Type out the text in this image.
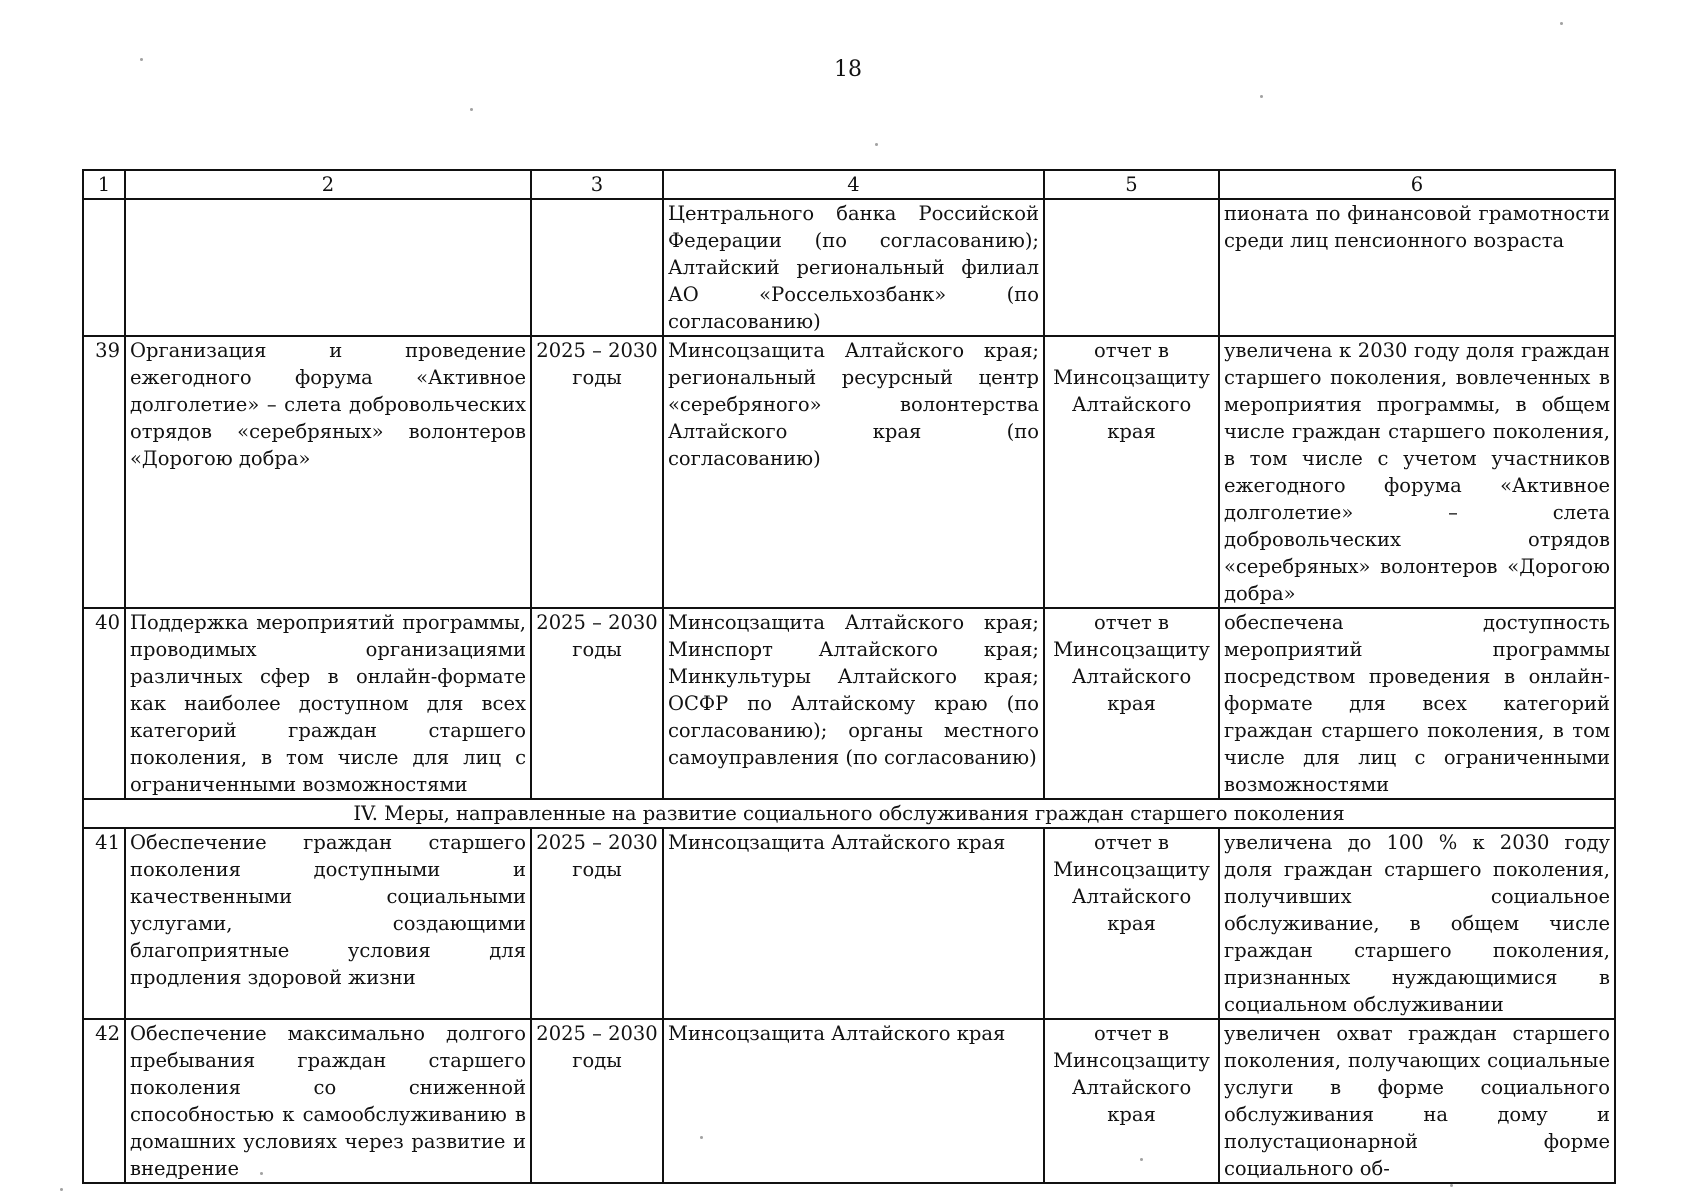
18
1	2	3	4	5	6
			Центрального банка Российской Федерации (по согласованию); Алтайский региональный филиал АО «Россельхозбанк» (по согласованию)		пионата по финансовой грамотности среди лиц пенсионного возраста
39	Организация и проведение ежегодного форума «Активное долголетие» – слета добровольческих отрядов «серебряных» волонтеров «Дорогою добра»	2025 – 2030 годы	Минсоцзащита Алтайского края; региональный ресурсный центр «серебряного» волонтерства Алтайского края (по согласованию)	отчет в Минсоцзащиту Алтайского края	увеличена к 2030 году доля граждан старшего поколения, вовлеченных в мероприятия программы, в общем числе граждан старшего поколения, в том числе с учетом участников ежегодного форума «Активное долголетие» – слета добровольческих отрядов «серебряных» волонтеров «Дорогою добра»
40	Поддержка мероприятий программы, проводимых организациями различных сфер в онлайн-формате как наиболее доступном для всех категорий граждан старшего поколения, в том числе для лиц с ограниченными возможностями	2025 – 2030 годы	Минсоцзащита Алтайского края; Минспорт Алтайского края; Минкультуры Алтайского края; ОСФР по Алтайскому краю (по согласованию); органы местного самоуправления (по согласованию)	отчет в Минсоцзащиту Алтайского края	обеспечена доступность мероприятий программы посредством проведения в онлайн-формате для всех категорий граждан старшего поколения, в том числе для лиц с ограниченными возможностями
IV. Меры, направленные на развитие социального обслуживания граждан старшего поколения					
41	Обеспечение граждан старшего поколения доступными и качественными социальными услугами, создающими благоприятные условия для продления здоровой жизни	2025 – 2030 годы	Минсоцзащита Алтайского края	отчет в Минсоцзащиту Алтайского края	увеличена до 100 % к 2030 году доля граждан старшего поколения, получивших социальное обслуживание, в общем числе граждан старшего поколения, признанных нуждающимися в социальном обслуживании
42	Обеспечение максимально долгого пребывания граждан старшего поколения со сниженной способностью к самообслуживанию в домашних условиях через развитие и внедрение	2025 – 2030 годы	Минсоцзащита Алтайского края	отчет в Минсоцзащиту Алтайского края	увеличен охват граждан старшего поколения, получающих социальные услуги в форме социального обслуживания на дому и полустационарной форме социального об-
